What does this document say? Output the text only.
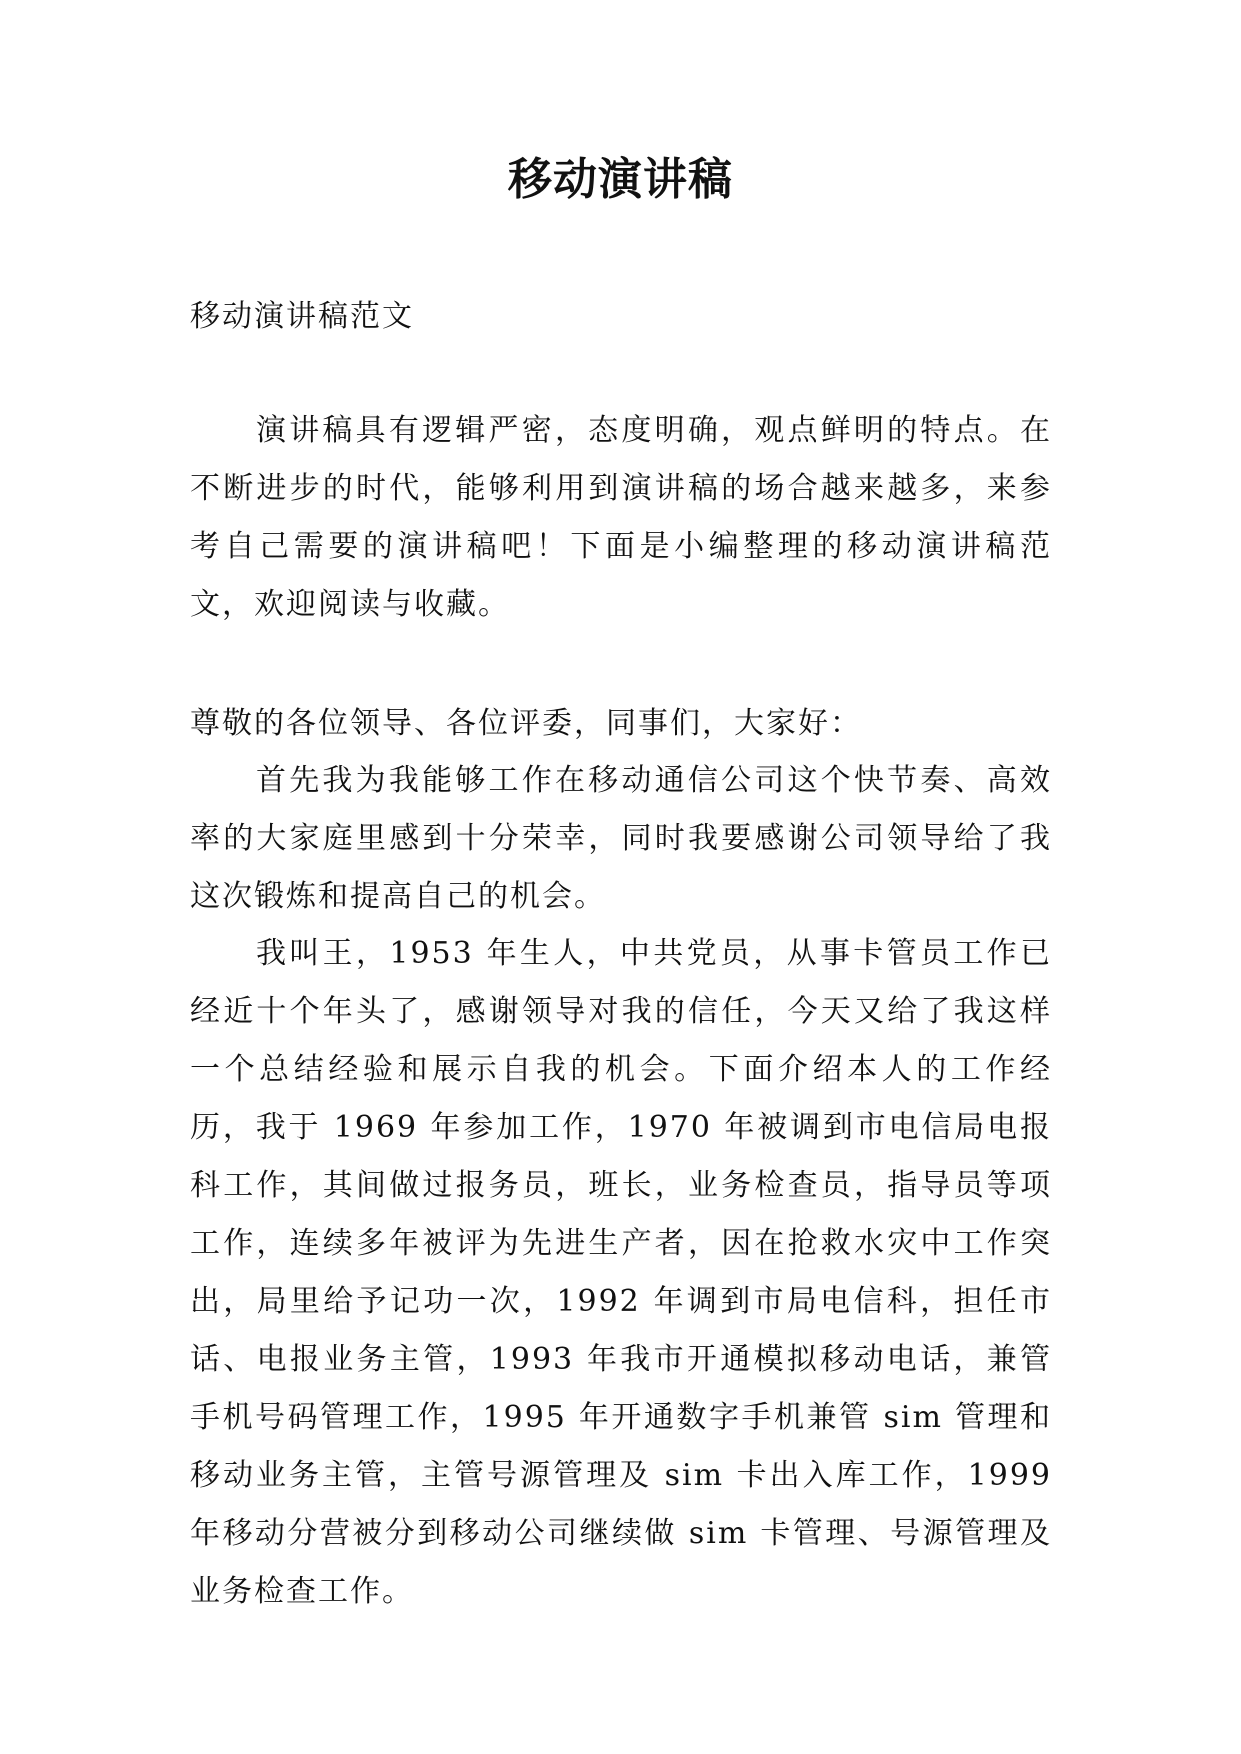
移动演讲稿

移动演讲稿范文

演讲稿具有逻辑严密，态度明确，观点鲜明的特点。在不断进步的时代，能够利用到演讲稿的场合越来越多，来参考自己需要的演讲稿吧！下面是小编整理的移动演讲稿范文，欢迎阅读与收藏。

尊敬的各位领导、各位评委，同事们，大家好：

首先我为我能够工作在移动通信公司这个快节奏、高效率的大家庭里感到十分荣幸，同时我要感谢公司领导给了我这次锻炼和提高自己的机会。

我叫王，1953 年生人，中共党员，从事卡管员工作已经近十个年头了，感谢领导对我的信任，今天又给了我这样一个总结经验和展示自我的机会。下面介绍本人的工作经历，我于 1969 年参加工作，1970 年被调到市电信局电报科工作，其间做过报务员，班长，业务检查员，指导员等项工作，连续多年被评为先进生产者，因在抢救水灾中工作突出，局里给予记功一次，1992 年调到市局电信科，担任市话、电报业务主管，1993 年我市开通模拟移动电话，兼管手机号码管理工作，1995 年开通数字手机兼管 sim 管理和移动业务主管，主管号源管理及 sim 卡出入库工作，1999 年移动分营被分到移动公司继续做 sim 卡管理、号源管理及业务检查工作。
